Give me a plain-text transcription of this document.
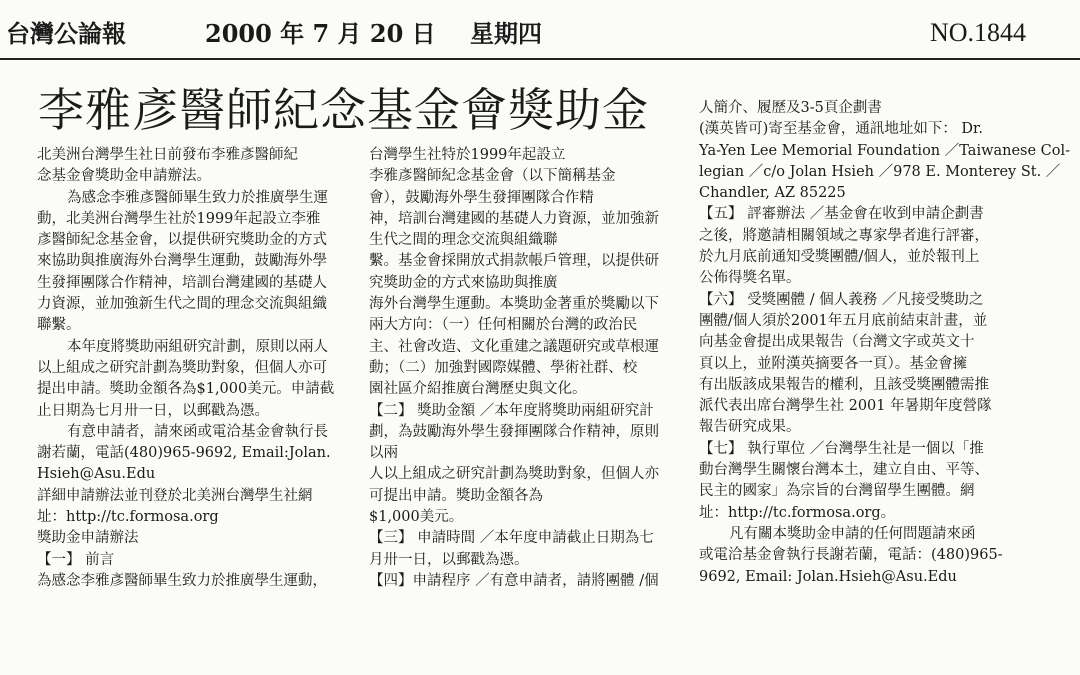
台灣公論報	2000 年 7 月 20 日 星期四	NO.1844
李雅彥醫師紀念基金會獎助金

北美洲台灣學生社日前發布李雅彥醫師紀

念基金會獎助金申請辦法。

為感念李雅彥醫師畢生致力於推廣學生運

動，北美洲台灣學生社於1999年起設立李雅

彥醫師紀念基金會，以提供研究獎助金的方式

來協助與推廣海外台灣學生運動，鼓勵海外學

生發揮團隊合作精神，培訓台灣建國的基礎人

力資源，並加強新生代之間的理念交流與組織

聯繫。

本年度將獎助兩組研究計劃，原則以兩人

以上組成之研究計劃為獎助對象，但個人亦可

提出申請。獎助金額各為$1,000美元。申請截

止日期為七月卅一日，以郵戳為憑。

有意申請者，請來函或電洽基金會執行長

謝若蘭，電話(480)965-9692, Email:Jolan.

Hsieh@Asu.Edu

詳細申請辦法並刊登於北美洲台灣學生社網

址：http://tc.formosa.org

獎助金申請辦法

【一】 前言

為感念李雅彥醫師畢生致力於推廣學生運動，

台灣學生社特於1999年起設立

李雅彥醫師紀念基金會（以下簡稱基金

會），鼓勵海外學生發揮團隊合作精

神，培訓台灣建國的基礎人力資源，並加強新

生代之間的理念交流與組織聯

繫。基金會採開放式捐款帳戶管理，以提供研

究獎助金的方式來協助與推廣

海外台灣學生運動。本獎助金著重於獎勵以下

兩大方向：（一）任何相關於台灣的政治民

主、社會改造、文化重建之議題研究或草根運

動；（二）加強對國際媒體、學術社群、校

園社區介紹推廣台灣歷史與文化。

【二】 獎助金額 ／本年度將獎助兩組研究計

劃，為鼓勵海外學生發揮團隊合作精神，原則

以兩

人以上組成之研究計劃為獎助對象，但個人亦

可提出申請。獎助金額各為

$1,000美元。

【三】 申請時間 ／本年度申請截止日期為七

月卅一日，以郵戳為憑。

【四】申請程序 ／有意申請者，請將團體 /個

人簡介、履歷及3-5頁企劃書

(漢英皆可)寄至基金會，通訊地址如下： Dr.

Ya-Yen Lee Memorial Foundation ／Taiwanese Col-

legian ／c/o Jolan Hsieh ／978 E. Monterey St. ／

Chandler, AZ 85225

【五】 評審辦法 ／基金會在收到申請企劃書

之後，將邀請相關領域之專家學者進行評審，

於九月底前通知受獎團體/個人，並於報刊上

公佈得獎名單。

【六】 受獎團體 / 個人義務 ／凡接受獎助之

團體/個人須於2001年五月底前結束計畫，並

向基金會提出成果報告（台灣文字或英文十

頁以上，並附漢英摘要各一頁）。基金會擁

有出版該成果報告的權利，且該受獎團體需推

派代表出席台灣學生社 2001 年暑期年度營隊

報告研究成果。

【七】 執行單位 ／台灣學生社是一個以「推

動台灣學生關懷台灣本土，建立自由、平等、

民主的國家」為宗旨的台灣留學生團體。網

址：http://tc.formosa.org。

凡有關本獎助金申請的任何問題請來函

或電洽基金會執行長謝若蘭，電話：(480)965-

9692, Email: Jolan.Hsieh@Asu.Edu
